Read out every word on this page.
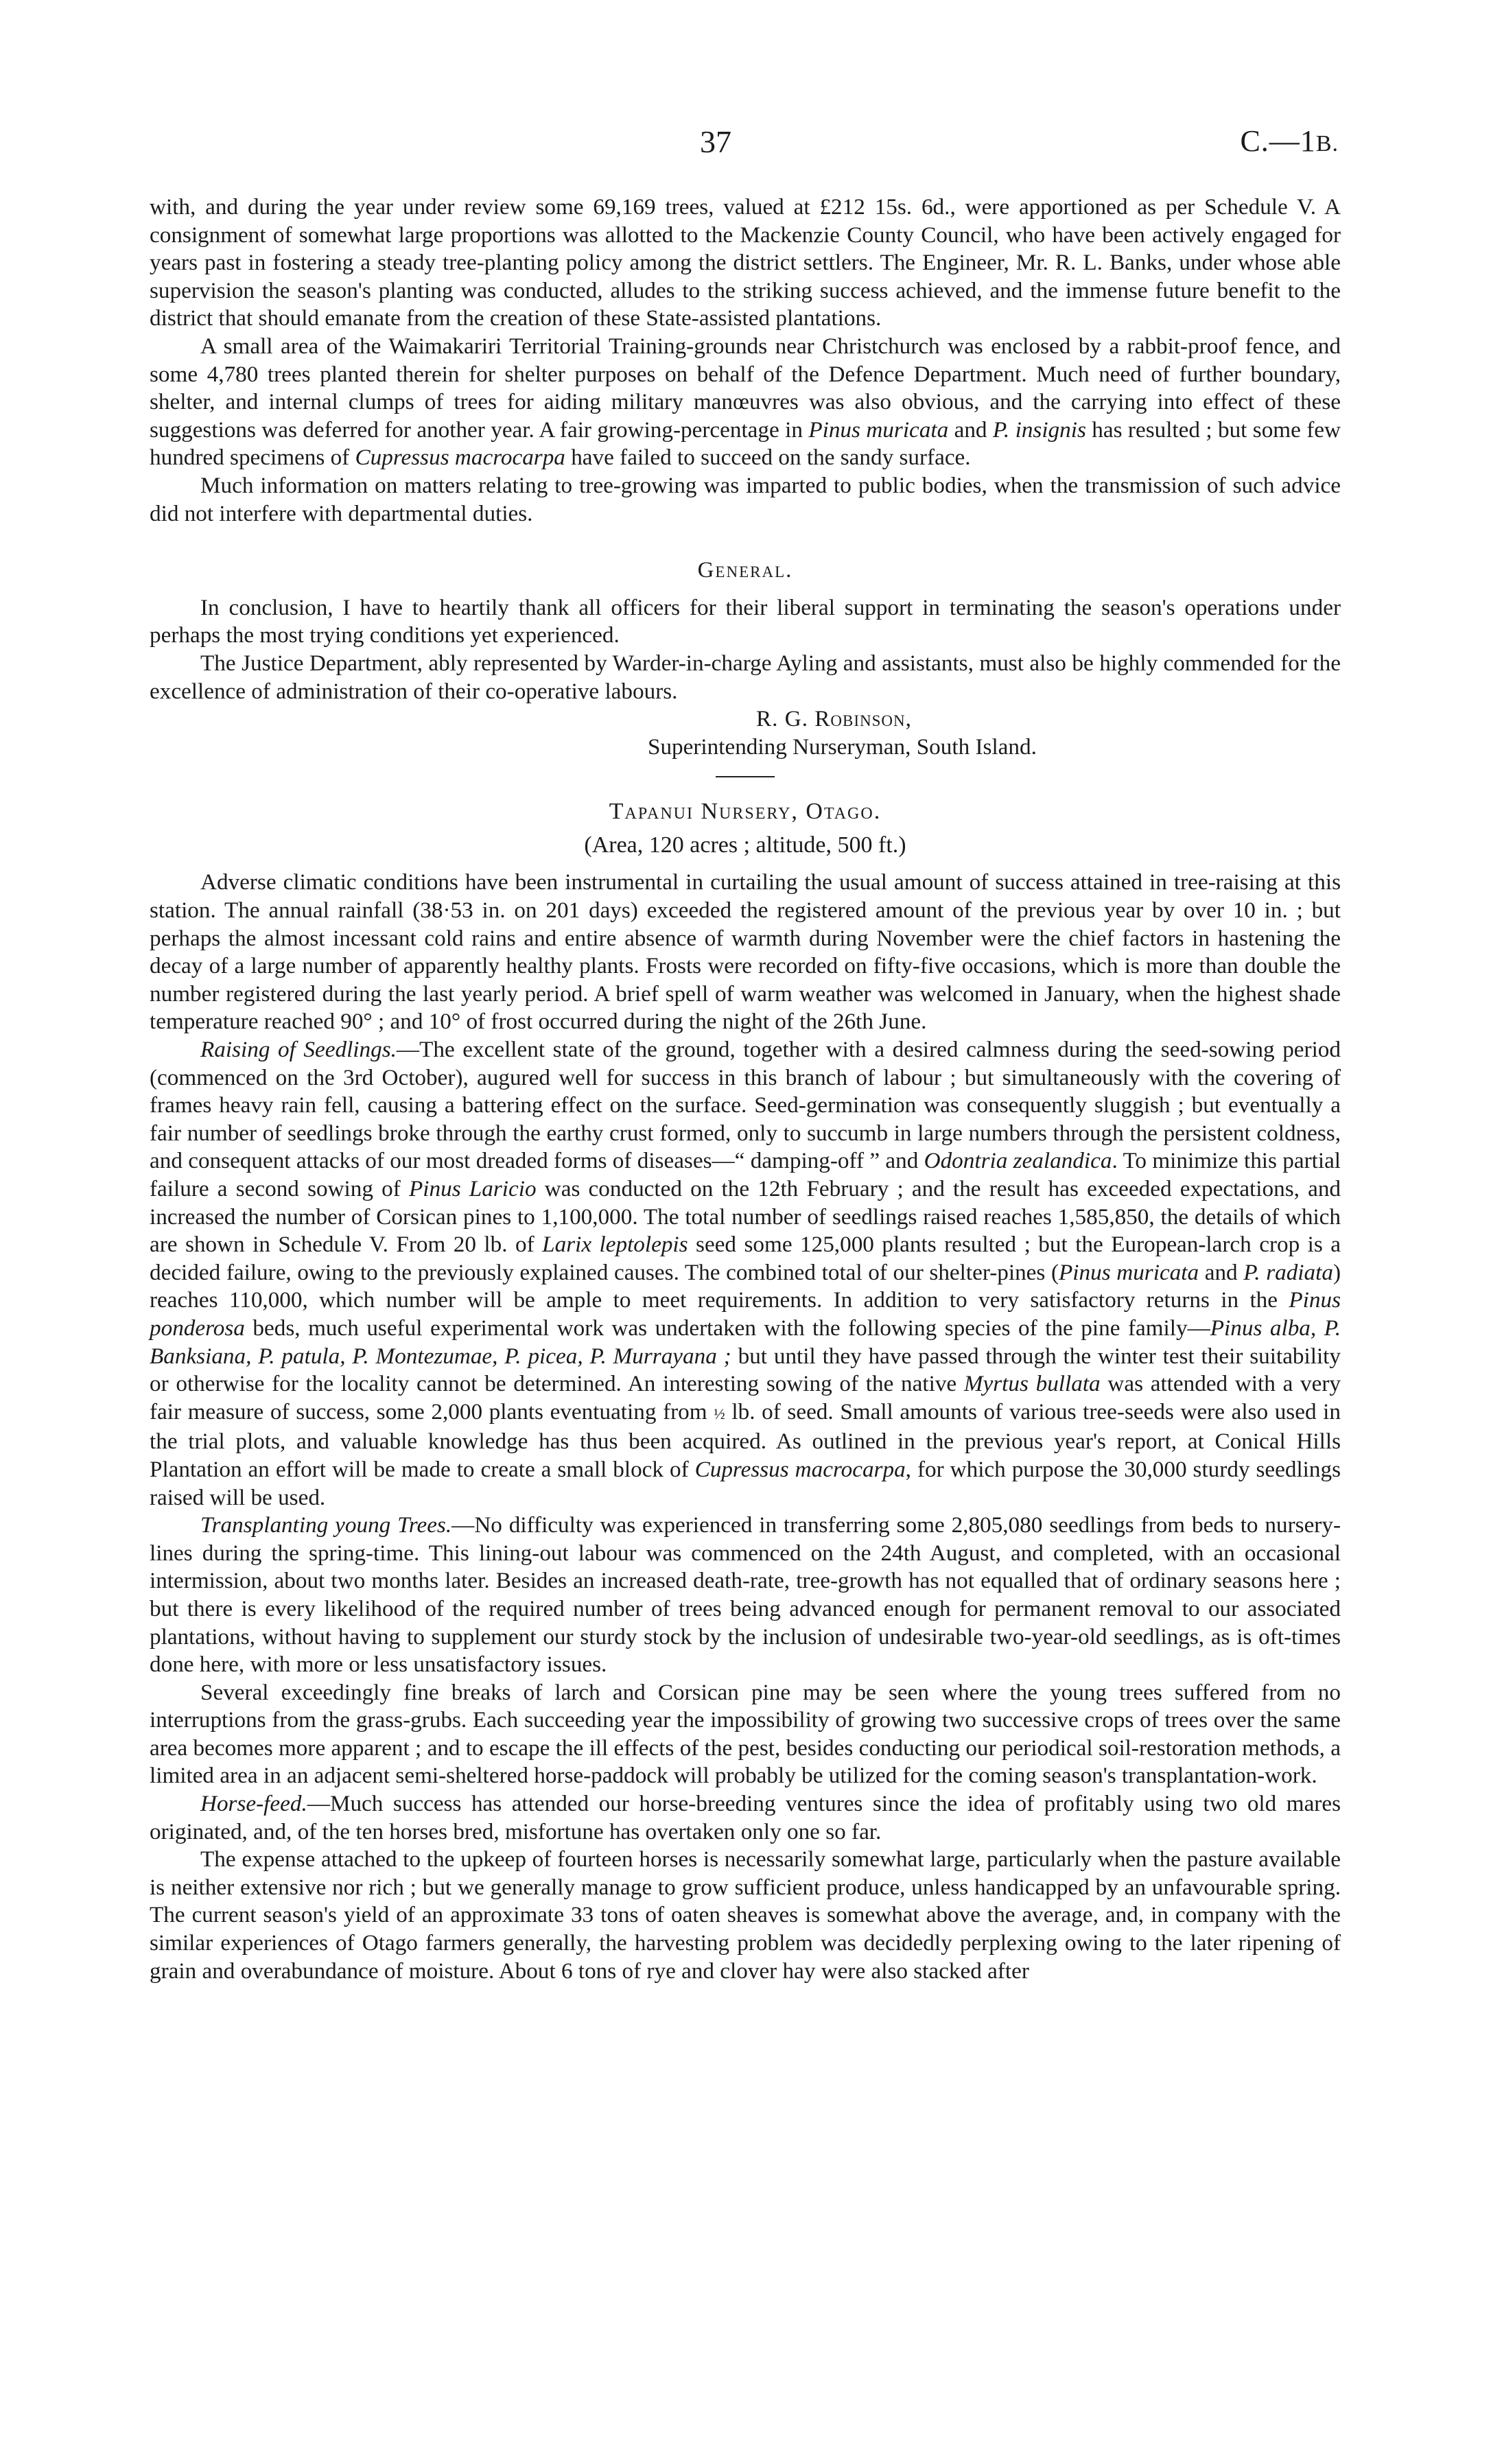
37	C.—1B.

with, and during the year under review some 69,169 trees, valued at £212 15s. 6d., were apportioned as per Schedule V. A consignment of somewhat large proportions was allotted to the Mackenzie County Council, who have been actively engaged for years past in fostering a steady tree-planting policy among the district settlers. The Engineer, Mr. R. L. Banks, under whose able supervision the season's planting was conducted, alludes to the striking success achieved, and the immense future benefit to the district that should emanate from the creation of these State-assisted plantations.

A small area of the Waimakariri Territorial Training-grounds near Christchurch was enclosed by a rabbit-proof fence, and some 4,780 trees planted therein for shelter purposes on behalf of the Defence Department. Much need of further boundary, shelter, and internal clumps of trees for aiding military manœuvres was also obvious, and the carrying into effect of these suggestions was deferred for another year. A fair growing-percentage in Pinus muricata and P. insignis has resulted ; but some few hundred specimens of Cupressus macrocarpa have failed to succeed on the sandy surface.

Much information on matters relating to tree-growing was imparted to public bodies, when the transmission of such advice did not interfere with departmental duties.

General.

In conclusion, I have to heartily thank all officers for their liberal support in terminating the season's operations under perhaps the most trying conditions yet experienced.

The Justice Department, ably represented by Warder-in-charge Ayling and assistants, must also be highly commended for the excellence of administration of their co-operative labours.

R. G. Robinson,

Superintending Nurseryman, South Island.

Tapanui Nursery, Otago.
(Area, 120 acres ; altitude, 500 ft.)

Adverse climatic conditions have been instrumental in curtailing the usual amount of success attained in tree-raising at this station. The annual rainfall (38·53 in. on 201 days) exceeded the registered amount of the previous year by over 10 in. ; but perhaps the almost incessant cold rains and entire absence of warmth during November were the chief factors in hastening the decay of a large number of apparently healthy plants. Frosts were recorded on fifty-five occasions, which is more than double the number registered during the last yearly period. A brief spell of warm weather was welcomed in January, when the highest shade temperature reached 90° ; and 10° of frost occurred during the night of the 26th June.

Raising of Seedlings.—The excellent state of the ground, together with a desired calmness during the seed-sowing period (commenced on the 3rd October), augured well for success in this branch of labour ; but simultaneously with the covering of frames heavy rain fell, causing a battering effect on the surface. Seed-germination was consequently sluggish ; but eventually a fair number of seedlings broke through the earthy crust formed, only to succumb in large numbers through the persistent coldness, and consequent attacks of our most dreaded forms of diseases—“ damping-off ” and Odontria zealandica. To minimize this partial failure a second sowing of Pinus Laricio was conducted on the 12th February ; and the result has exceeded expectations, and increased the number of Corsican pines to 1,100,000. The total number of seedlings raised reaches 1,585,850, the details of which are shown in Schedule V. From 20 lb. of Larix leptolepis seed some 125,000 plants resulted ; but the European-larch crop is a decided failure, owing to the previously explained causes. The combined total of our shelter-pines (Pinus muricata and P. radiata) reaches 110,000, which number will be ample to meet requirements. In addition to very satisfactory returns in the Pinus ponderosa beds, much useful experimental work was undertaken with the following species of the pine family—Pinus alba, P. Banksiana, P. patula, P. Montezumae, P. picea, P. Murrayana ; but until they have passed through the winter test their suitability or otherwise for the locality cannot be determined. An interesting sowing of the native Myrtus bullata was attended with a very fair measure of success, some 2,000 plants eventuating from ½ lb. of seed. Small amounts of various tree-seeds were also used in the trial plots, and valuable knowledge has thus been acquired. As outlined in the previous year's report, at Conical Hills Plantation an effort will be made to create a small block of Cupressus macrocarpa, for which purpose the 30,000 sturdy seedlings raised will be used.

Transplanting young Trees.—No difficulty was experienced in transferring some 2,805,080 seedlings from beds to nursery-lines during the spring-time. This lining-out labour was commenced on the 24th August, and completed, with an occasional intermission, about two months later. Besides an increased death-rate, tree-growth has not equalled that of ordinary seasons here ; but there is every likelihood of the required number of trees being advanced enough for permanent removal to our associated plantations, without having to supplement our sturdy stock by the inclusion of undesirable two-year-old seedlings, as is oft-times done here, with more or less unsatisfactory issues.

Several exceedingly fine breaks of larch and Corsican pine may be seen where the young trees suffered from no interruptions from the grass-grubs. Each succeeding year the impossibility of growing two successive crops of trees over the same area becomes more apparent ; and to escape the ill effects of the pest, besides conducting our periodical soil-restoration methods, a limited area in an adjacent semi-sheltered horse-paddock will probably be utilized for the coming season's transplantation-work.

Horse-feed.—Much success has attended our horse-breeding ventures since the idea of profitably using two old mares originated, and, of the ten horses bred, misfortune has overtaken only one so far.

The expense attached to the upkeep of fourteen horses is necessarily somewhat large, particularly when the pasture available is neither extensive nor rich ; but we generally manage to grow sufficient produce, unless handicapped by an unfavourable spring. The current season's yield of an approximate 33 tons of oaten sheaves is somewhat above the average, and, in company with the similar experiences of Otago farmers generally, the harvesting problem was decidedly perplexing owing to the later ripening of grain and overabundance of moisture. About 6 tons of rye and clover hay were also stacked after
